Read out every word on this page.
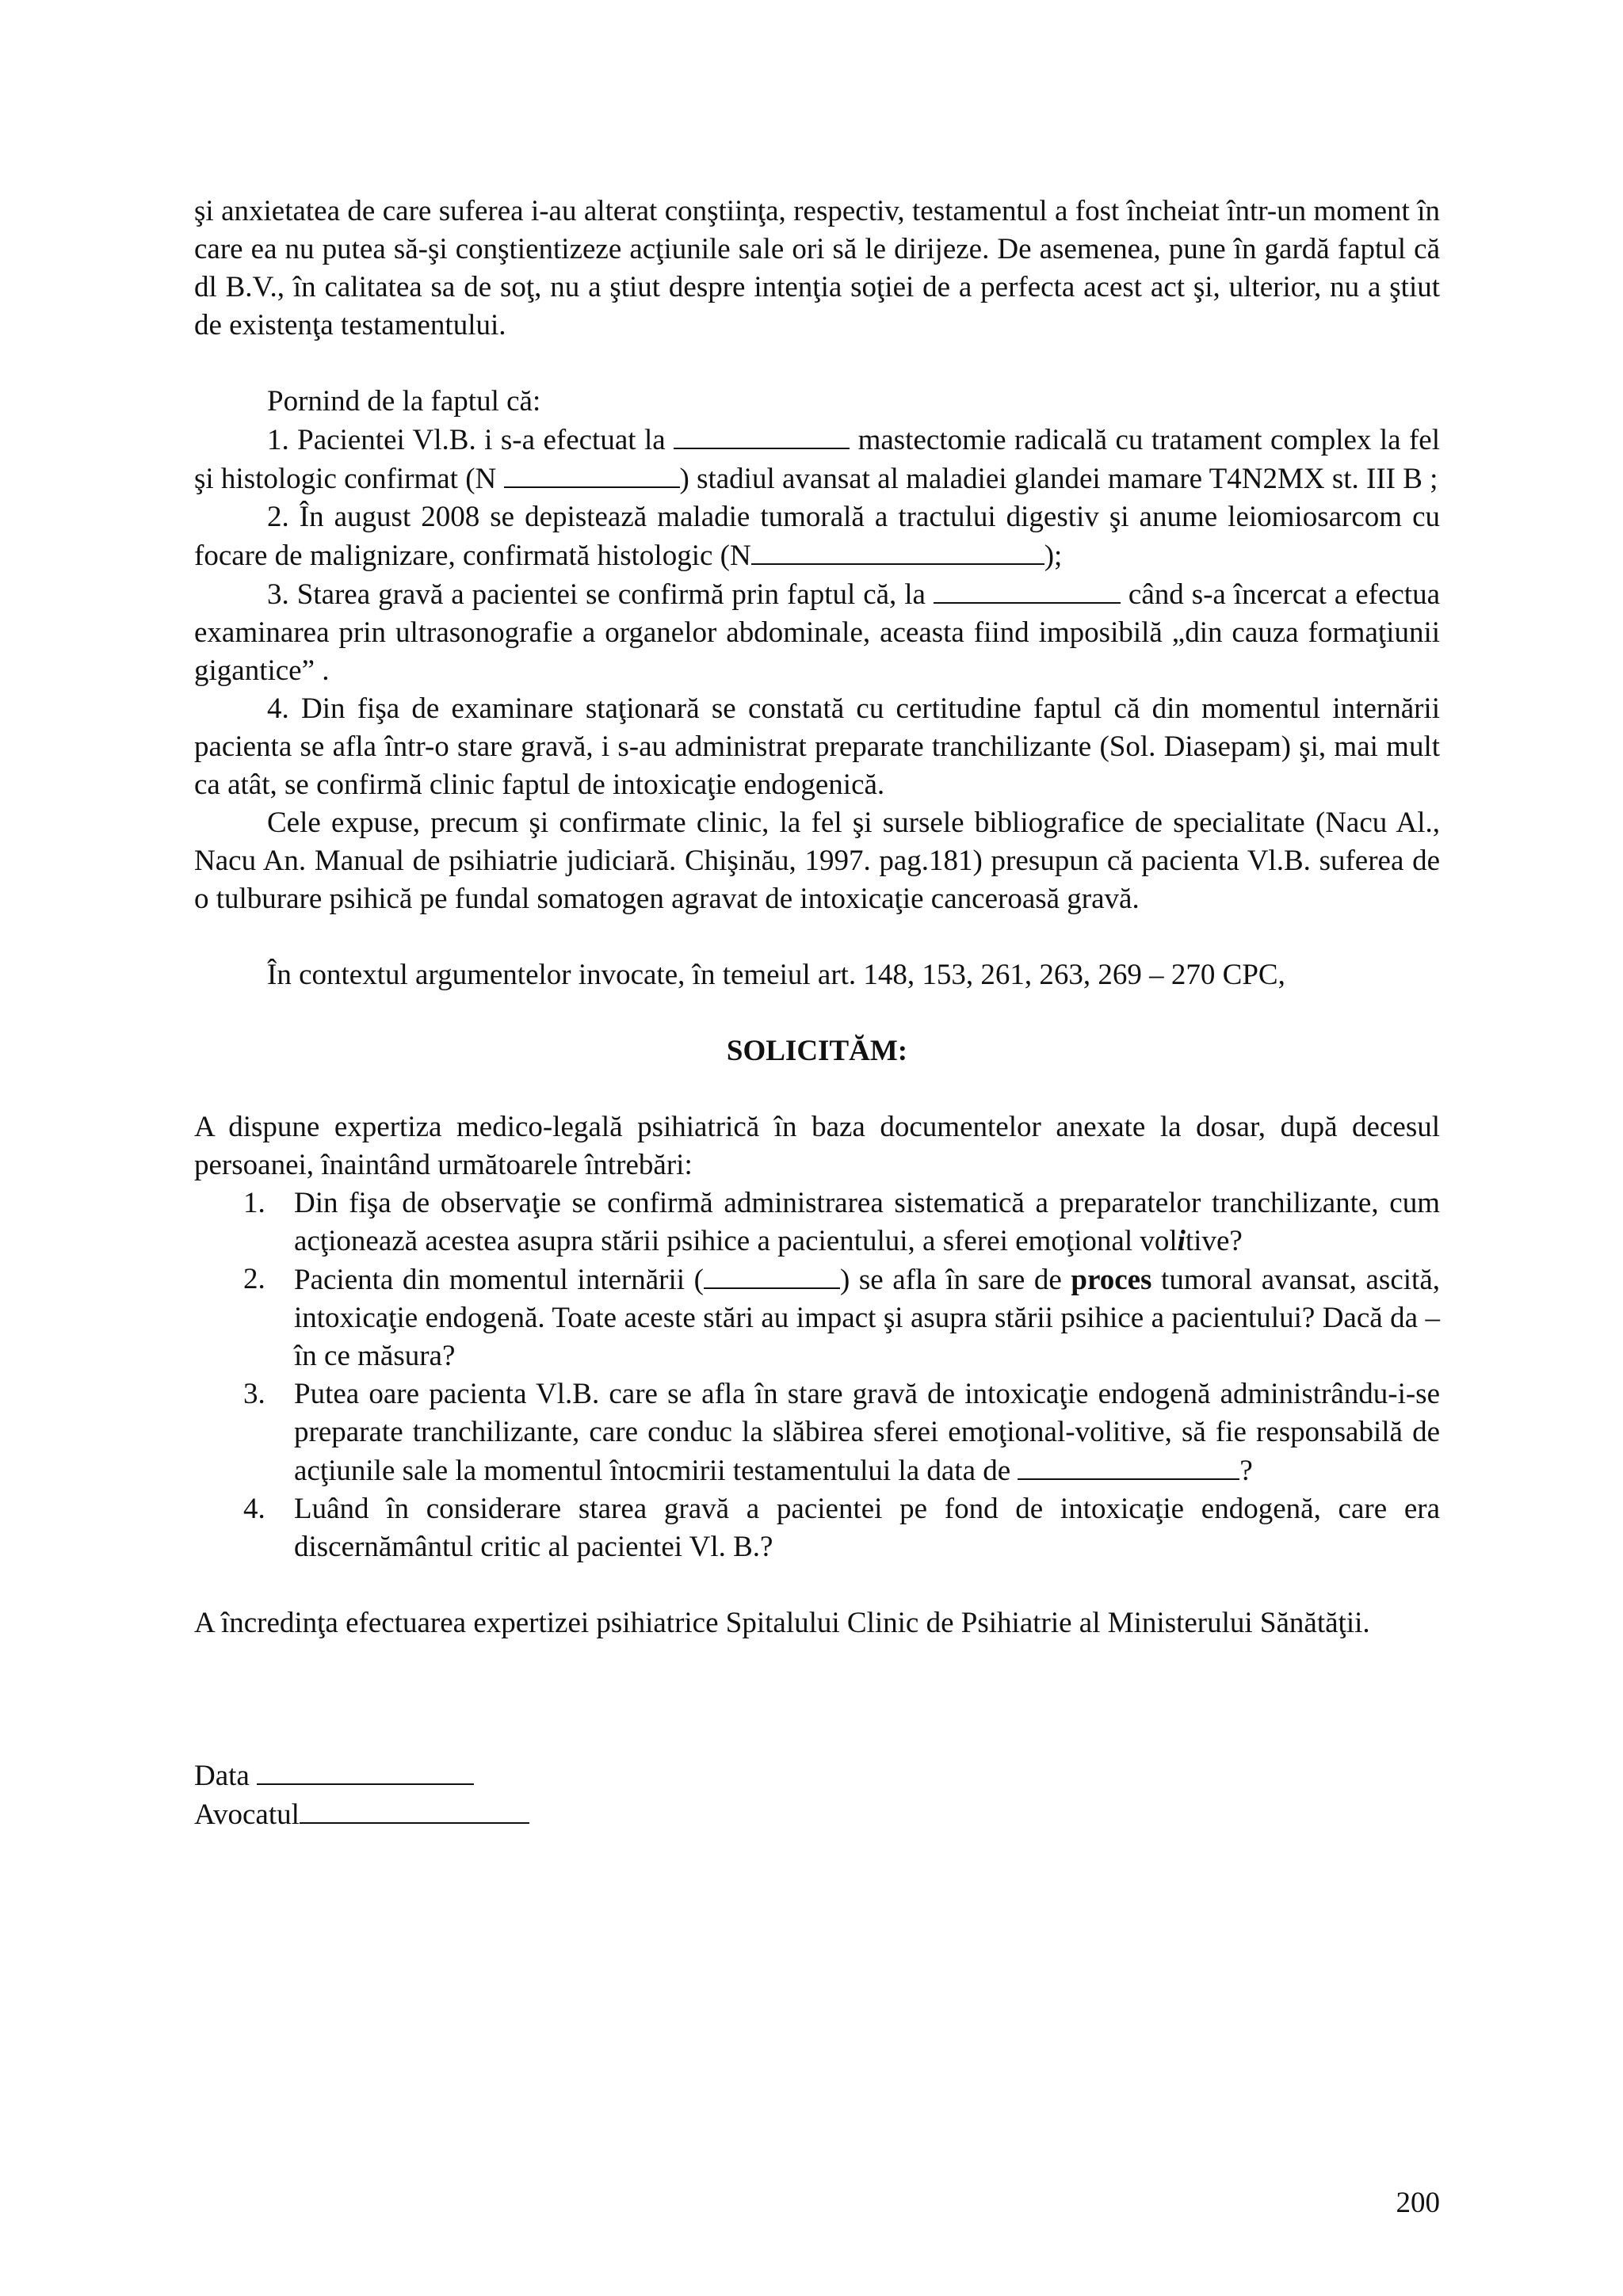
şi anxietatea de care suferea i-au alterat conştiinţa, respectiv, testamentul a fost încheiat într-un moment în care ea nu putea să-şi conştientizeze acţiunile sale ori să le dirijeze. De asemenea, pune în gardă faptul că dl B.V., în calitatea sa de soţ, nu a ştiut despre intenţia soţiei de a perfecta acest act şi, ulterior, nu a ştiut de existenţa testamentului.

Pornind de la faptul că:

1. Pacientei Vl.B. i s-a efectuat la	mastectomie radicală cu tratament complex la fel şi histologic confirmat (N	) stadiul avansat al maladiei glandei mamare T4N2MX st. III B ;

2. În august 2008 se depistează maladie tumorală a tractului digestiv şi anume leiomiosarcom cu focare de malignizare, confirmată histologic (N	);

3. Starea gravă a pacientei se confirmă prin faptul că, la	când s-a încercat a efectua examinarea prin ultrasonografie a organelor abdominale, aceasta fiind imposibilă „din cauza formaţiunii gigantice” .

4. Din fişa de examinare staţionară se constată cu certitudine faptul că din momentul internării pacienta se afla într-o stare gravă, i s-au administrat preparate tranchilizante (Sol. Diasepam) şi, mai mult ca atât, se confirmă clinic faptul de intoxicaţie endogenică.

Cele expuse, precum şi confirmate clinic, la fel şi sursele bibliografice de specialitate (Nacu Al., Nacu An. Manual de psihiatrie judiciară. Chişinău, 1997. pag.181) presupun că pacienta Vl.B. suferea de o tulburare psihică pe fundal somatogen agravat de intoxicaţie canceroasă gravă.

În contextul argumentelor invocate, în temeiul art. 148, 153, 261, 263, 269 – 270 CPC,

SOLICITĂM:

A dispune expertiza medico-legală psihiatrică în baza documentelor anexate la dosar, după decesul persoanei, înaintând următoarele întrebări:

1. Din fişa de observaţie se confirmă administrarea sistematică a preparatelor tranchilizante, cum acţionează acestea asupra stării psihice a pacientului, a sferei emoţional volitive?
2. Pacienta din momentul internării (	) se afla în sare de proces tumoral avansat, ascită, intoxicaţie endogenă. Toate aceste stări au impact şi asupra stării psihice a pacientului? Dacă da – în ce măsura?
3. Putea oare pacienta Vl.B. care se afla în stare gravă de intoxicaţie endogenă administrându-i-se preparate tranchilizante, care conduc la slăbirea sferei emoţional-volitive, să fie responsabilă de acţiunile sale la momentul întocmirii testamentului la data de	?
4. Luând în considerare starea gravă a pacientei pe fond de intoxicaţie endogenă, care era discernământul critic al pacientei Vl. B.?

A încredinţa efectuarea expertizei psihiatrice Spitalului Clinic de Psihiatrie al Ministerului Sănătăţii.

Data

Avocatul

200
